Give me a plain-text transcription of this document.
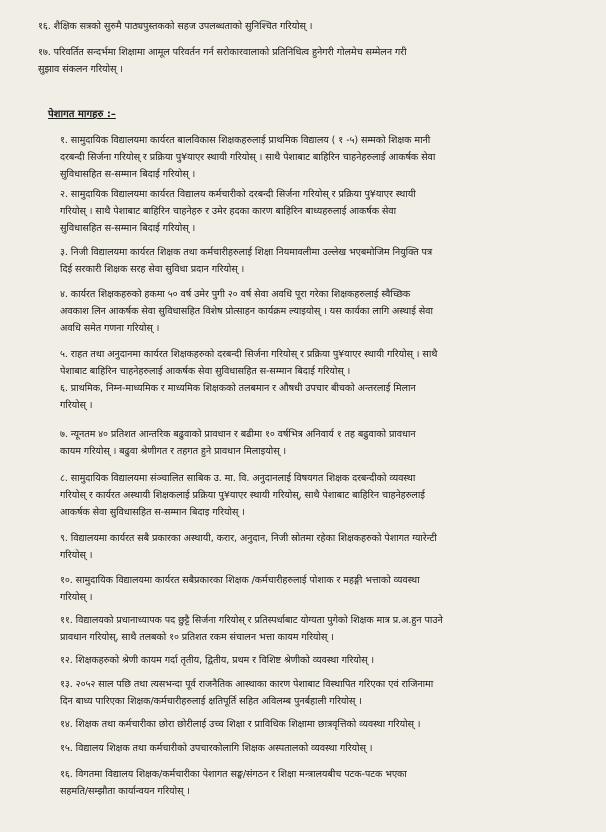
१६. शैक्षिक सत्रको सुरुमै पाठ्यपुस्तकको सहज उपलब्धताको सुनिश्चित गरियोस् ।
१७. परिवर्तित सन्दर्भमा शिक्षामा आमूल परिवर्तन गर्न सरोकारवालाको प्रतिनिधित्व हुनेगरी गोलमेच सम्मेलन गरी
सुझाव संकलन गरियोस् ।
पेशागत मागहरु :–
१. सामुदायिक विद्यालयमा कार्यरत बालविकास शिक्षकहरुलाई प्राथमिक विद्यालय ( १ -५) सम्मको शिक्षक मानी
दरबन्दी सिर्जना गरियोस् र प्रक्रिया पु¥याएर स्थायी गरियोस् । साथै पेशाबाट बाहिरिन चाहनेहरुलाई आकर्षक सेवा
सुविधासहित स-सम्मान बिदाई गरियोस् ।
२. सामुदायिक विद्यालयमा कार्यरत विद्यालय कर्मचारीको दरबन्दी सिर्जना गरियोस् र प्रक्रिया पु¥याएर स्थायी
गरियोस् । साथै पेशाबाट बाहिरिन चाहनेहरु र उमेर हदका कारण बाहिरिन बाध्यहरुलाई आकर्षक सेवा
सुविधासहित स-सम्मान बिदाई गरियोस् ।
३. निजी विद्यालयमा कार्यरत शिक्षक तथा कर्मचारीहरुलाई शिक्षा नियमावलीमा उल्लेख भएबमोजिम नियुक्ति पत्र
दिई सरकारी शिक्षक सरह सेवा सुविधा प्रदान गरियोस् ।
४. कार्यरत शिक्षकहरुको हकमा ५० वर्ष उमेर पुगी २० वर्ष सेवा अवधि पूरा गरेका शिक्षकहरुलाई स्वैच्छिक
अवकाश लिन आकर्षक सेवा सुविधासहित विशेष प्रोत्साहन कार्यक्रम ल्याइयोस् । यस कार्यका लागि अस्थाई सेवा
अवधि समेत गणना गरियोस् ।
५. राहत तथा अनुदानमा कार्यरत शिक्षकहरुको दरबन्दी सिर्जना गरियोस् र प्रक्रिया पु¥याएर स्थायी गरियोस् । साथै
पेशाबाट बाहिरिन चाहनेहरुलाई आकर्षक सेवा सुविधासहित स-सम्मान बिदाई गरियोस् ।
६. प्राथमिक, निम्न-माध्यमिक र माध्यमिक शिक्षकको तलबमान र औषधी उपचार बीचको अन्तरलाई मिलान
गरियोस् ।
७. न्यूनतम ४० प्रतिशत आन्तरिक बढुवाको प्रावधान र बढीमा १० वर्षभित्र अनिवार्य १ तह बढुवाको प्रावधान
कायम गरियोस् । बढुवा श्रेणीगत र तहगत हुने प्रावधान मिलाइयोस् ।
८. सामुदायिक विद्यालयमा संञ्चालित साबिक उ. मा. वि. अनुदानलाई विषयगत शिक्षक दरबन्दीको व्यवस्था
गरियोस् र कार्यरत अस्थायी शिक्षकलाई प्रक्रिया पु¥याएर स्थायी गरियोस्, साथै पेशाबाट बाहिरिन चाहनेहरुलाई
आकर्षक सेवा सुविधासहित स-सम्मान बिदाइ गरियोस् ।
९. विद्यालयमा कार्यरत सबै प्रकारका अस्थायी, करार, अनुदान, निजी स्रोतमा रहेका शिक्षकहरुको पेशागत ग्यारेन्टी
गरियोस् ।
१०. सामुदायिक विद्यालयमा कार्यरत सबैप्रकारका शिक्षक /कर्मचारीहरुलाई पोशाक र महङ्गी भत्ताको व्यवस्था
गरियोस् ।
११. विद्यालयको प्रधानाध्यापक पद छुट्टै सिर्जना गरियोस् र प्रतिस्पर्धाबाट योग्यता पुगेको शिक्षक मात्र प्र.अ.हुन पाउने
प्रावधान गरियोस्, साथै तलबको १० प्रतिशत रकम संचालन भत्ता कायम गरियोस् ।
१२. शिक्षकहरुको श्रेणी कायम गर्दा तृतीय, द्वितीय, प्रथम र विशिष्ट श्रेणीको व्यवस्था गरियोस् ।
१३. २०५२ साल पछि तथा त्यसभन्दा पूर्व राजनैतिक आस्थाका कारण पेशाबाट विस्थापित गरिएका एवं राजिनामा
दिन बाध्य पारिएका शिक्षक/कर्मचारीहरुलाई क्षतिपूर्ति सहित अविलम्ब पुनर्बहाली गरियोस् ।
१४. शिक्षक तथा कर्मचारीका छोरा छोरीलाई उच्च शिक्षा र प्राविधिक शिक्षामा छात्रवृत्तिको व्यवस्था गरियोस् ।
१५. विद्यालय शिक्षक तथा कर्मचारीको उपचारकोलागि शिक्षक अस्पतालको व्यवस्था गरियोस् ।
१६. विगतमा विद्यालय शिक्षक/कर्मचारीका पेशागत सङ्घ/संगठन र शिक्षा मन्त्रालयबीच पटक-पटक भएका
सहमति/सम्झौता कार्यान्वयन गरियोस् ।
